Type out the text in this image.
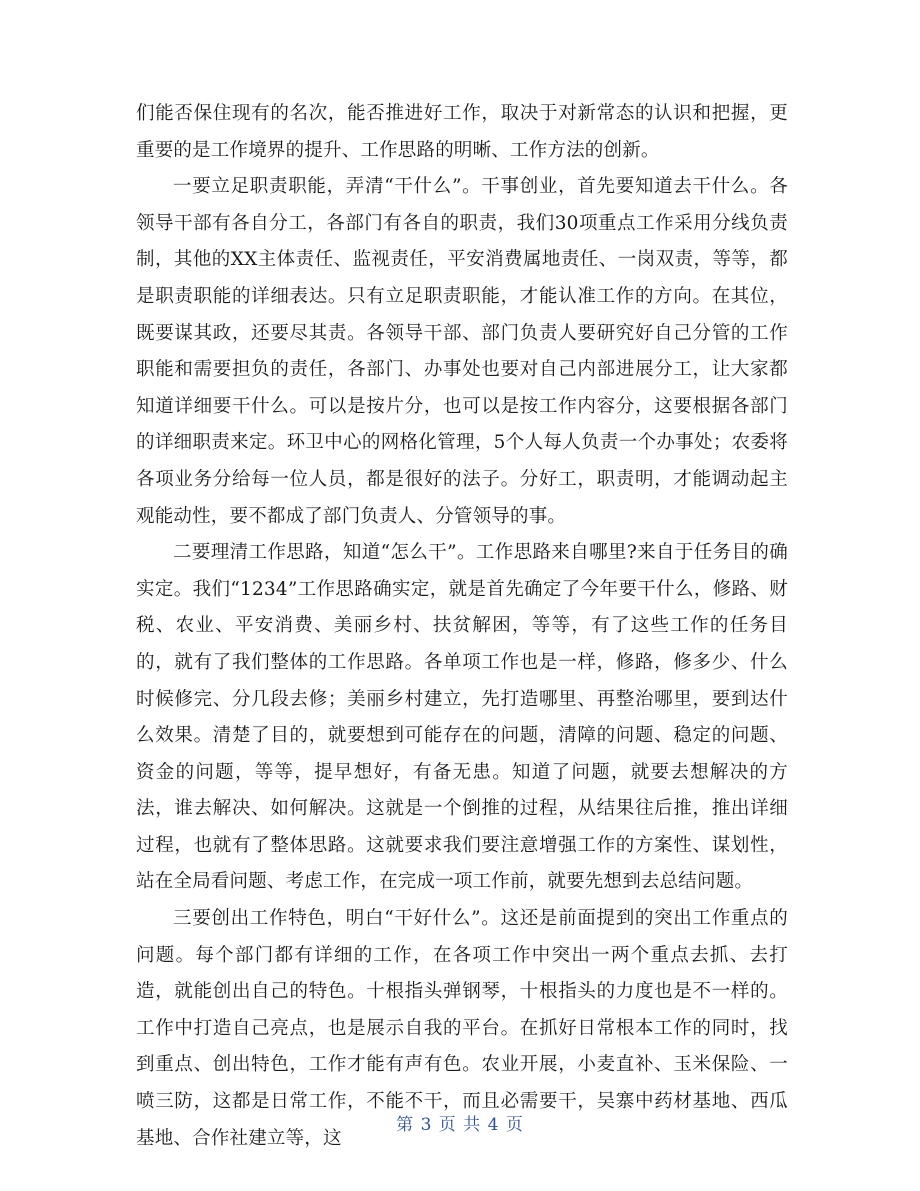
们能否保住现有的名次，能否推进好工作，取决于对新常态的认识和把握，更重要的是工作境界的提升、工作思路的明晰、工作方法的创新。

一要立足职责职能，弄清“干什么”。干事创业，首先要知道去干什么。各领导干部有各自分工，各部门有各自的职责，我们30项重点工作采用分线负责制，其他的XX主体责任、监视责任，平安消费属地责任、一岗双责，等等，都是职责职能的详细表达。只有立足职责职能，才能认准工作的方向。在其位，既要谋其政，还要尽其责。各领导干部、部门负责人要研究好自己分管的工作职能和需要担负的责任，各部门、办事处也要对自己内部进展分工，让大家都知道详细要干什么。可以是按片分，也可以是按工作内容分，这要根据各部门的详细职责来定。环卫中心的网格化管理，5个人每人负责一个办事处；农委将各项业务分给每一位人员，都是很好的法子。分好工，职责明，才能调动起主观能动性，要不都成了部门负责人、分管领导的事。

二要理清工作思路，知道“怎么干”。工作思路来自哪里?来自于任务目的确实定。我们“1234”工作思路确实定，就是首先确定了今年要干什么，修路、财税、农业、平安消费、美丽乡村、扶贫解困，等等，有了这些工作的任务目的，就有了我们整体的工作思路。各单项工作也是一样，修路，修多少、什么时候修完、分几段去修；美丽乡村建立，先打造哪里、再整治哪里，要到达什么效果。清楚了目的，就要想到可能存在的问题，清障的问题、稳定的问题、资金的问题，等等，提早想好，有备无患。知道了问题，就要去想解决的方法，谁去解决、如何解决。这就是一个倒推的过程，从结果往后推，推出详细过程，也就有了整体思路。这就要求我们要注意增强工作的方案性、谋划性，站在全局看问题、考虑工作，在完成一项工作前，就要先想到去总结问题。

三要创出工作特色，明白“干好什么”。这还是前面提到的突出工作重点的问题。每个部门都有详细的工作，在各项工作中突出一两个重点去抓、去打造，就能创出自己的特色。十根指头弹钢琴，十根指头的力度也是不一样的。工作中打造自己亮点，也是展示自我的平台。在抓好日常根本工作的同时，找到重点、创出特色，工作才能有声有色。农业开展，小麦直补、玉米保险、一喷三防，这都是日常工作，不能不干，而且必需要干，吴寨中药材基地、西瓜基地、合作社建立等，这

第 3 页 共 4 页
